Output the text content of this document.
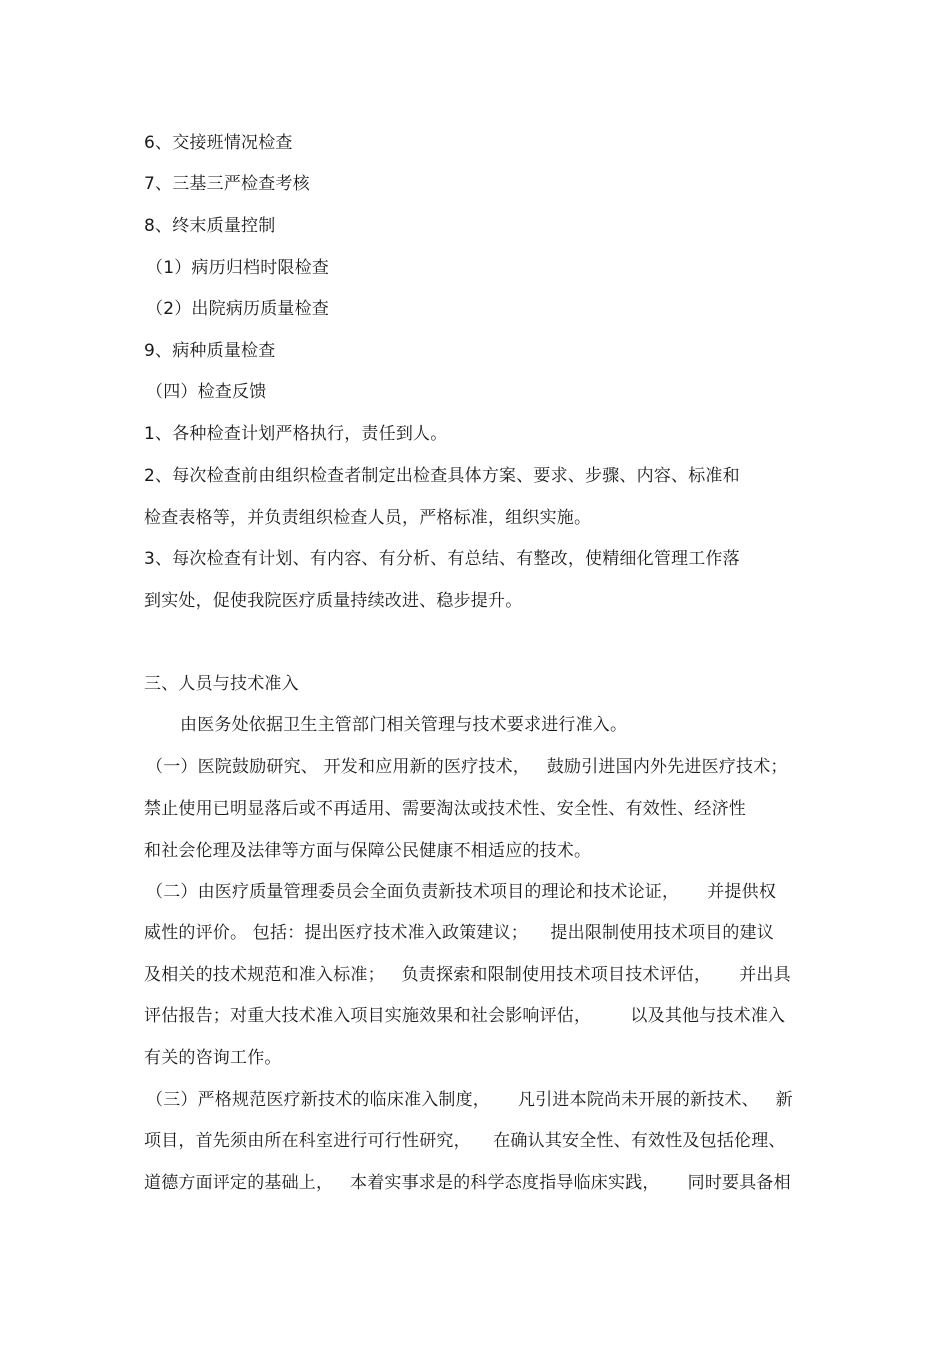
6、交接班情况检查
7、三基三严检查考核
8、终末质量控制
（1）病历归档时限检查
（2）出院病历质量检查
9、病种质量检查
（四）检查反馈
1、各种检查计划严格执行，责任到人。
2、每次检查前由组织检查者制定出检查具体方案、要求、步骤、内容、标准和
检查表格等，并负责组织检查人员，严格标准，组织实施。
3、每次检查有计划、有内容、有分析、有总结、有整改，使精细化管理工作落
到实处，促使我院医疗质量持续改进、稳步提升。
三、人员与技术准入
由医务处依据卫生主管部门相关管理与技术要求进行准入。
（一）医院鼓励研究、 开发和应用新的医疗技术，   鼓励引进国内外先进医疗技术；
禁止使用已明显落后或不再适用、需要淘汰或技术性、安全性、有效性、经济性
和社会伦理及法律等方面与保障公民健康不相适应的技术。
（二）由医疗质量管理委员会全面负责新技术项目的理论和技术论证，     并提供权
威性的评价。 包括：提出医疗技术准入政策建议；    提出限制使用技术项目的建议
及相关的技术规范和准入标准；   负责探索和限制使用技术项目技术评估，     并出具
评估报告；对重大技术准入项目实施效果和社会影响评估，       以及其他与技术准入
有关的咨询工作。
（三）严格规范医疗新技术的临床准入制度，     凡引进本院尚未开展的新技术、   新
项目，首先须由所在科室进行可行性研究，    在确认其安全性、有效性及包括伦理、
道德方面评定的基础上，   本着实事求是的科学态度指导临床实践，     同时要具备相
